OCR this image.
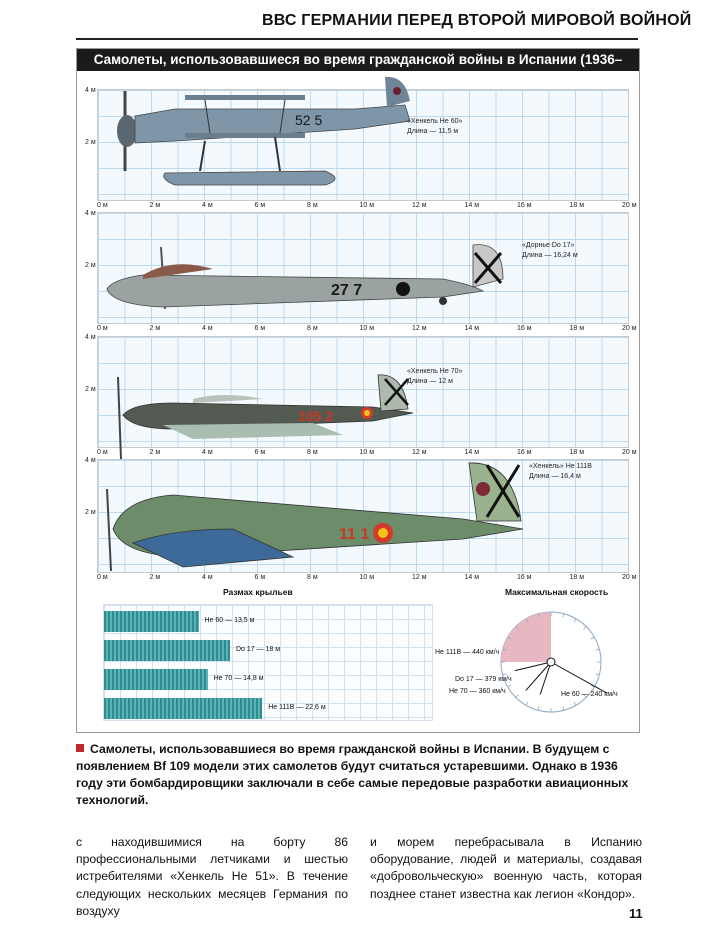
ВВС ГЕРМАНИИ ПЕРЕД ВТОРОЙ МИРОВОЙ ВОЙНОЙ
Самолеты, использовавшиеся во время гражданской войны в Испании (1936–1939)
4 м
2 м
4 м
2 м
4 м
2 м
4 м
2 м
52 5	«Хенкель Не 60»
Длина — 11,5 м
27 7
«Дорнье Do 17»
Длина — 16,24 м
105 2
«Хенкель Не 70»
Длина — 12 м
11 1
«Хенкель» Не 111В
Длина — 16,4 м
Размах крыльев
Не 60 — 13,5 м
Do 17 — 18 м
Не 70 — 14,8 м
Не 111В — 22,6 м
Максимальная скорость
Не 111В — 440 км/ч
Do 17 — 379 км/ч
Не 70 — 360 км/ч	Не 60 — 240 км/ч
0 м	2 м	4 м	6 м	8 м	10 м	12 м	14 м	16 м	18 м	20 м
0 м	2 м	4 м	6 м	8 м	10 м	12 м	14 м	16 м	18 м	20 м
0 м	2 м	4 м	6 м	8 м	10 м	12 м	14 м	16 м	18 м	20 м
0 м	2 м	4 м	6 м	8 м	10 м	12 м	14 м	16 м	18 м	20 м
Самолеты, использовавшиеся во время гражданской войны в Испании. В будущем с появлением Bf 109 модели этих самолетов будут считаться устаревшими. Однако в 1936 году эти бомбардировщики заключали в себе самые передовые разработки авиационных технологий.
с находившимися на борту 86 профессиональными летчиками и шестью истребителями «Хенкель Не 51». В течение следующих нескольких месяцев Германия по воздуху
и морем перебрасывала в Испанию оборудование, людей и материалы, создавая «добровольческую» военную часть, которая позднее станет известна как легион «Кондор».
11
